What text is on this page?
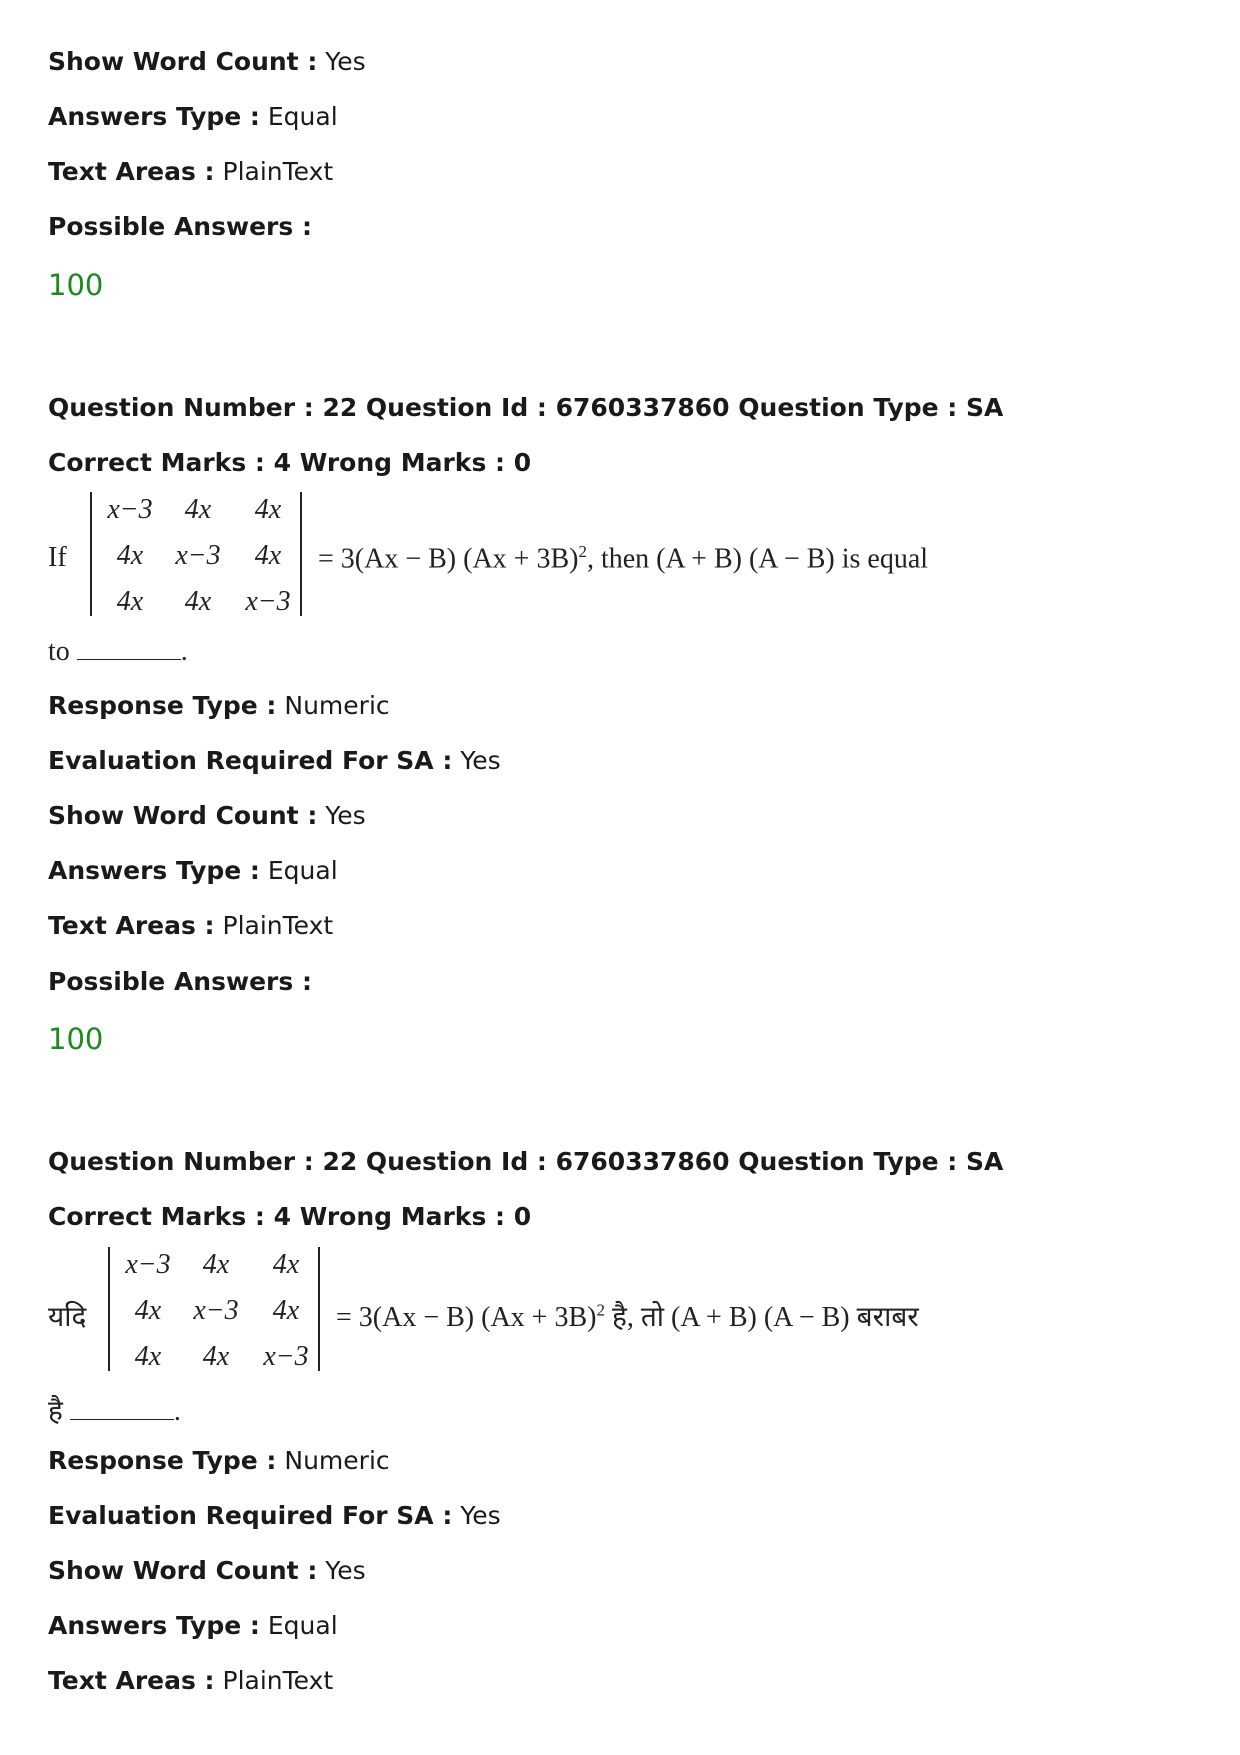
Show Word Count : Yes
Answers Type : Equal
Text Areas : PlainText
Possible Answers :
100
Question Number : 22 Question Id : 6760337860 Question Type : SA
Correct Marks : 4 Wrong Marks : 0
If
x−3	4x	4x
4x	x−3	4x
4x	4x	x−3
= 3(Ax − B) $(Ax + 3B)^2$, then (A + B) (A − B) is equal
to	.
Response Type : Numeric
Evaluation Required For SA : Yes
Show Word Count : Yes
Answers Type : Equal
Text Areas : PlainText
Possible Answers :
100
Question Number : 22 Question Id : 6760337860 Question Type : SA
Correct Marks : 4 Wrong Marks : 0
यदि
x−3	4x	4x
4x	x−3	4x
4x	4x	x−3
= 3(Ax − B) $(Ax + 3B)^2$ है, तो (A + B) (A − B) बराबर
है	.
Response Type : Numeric
Evaluation Required For SA : Yes
Show Word Count : Yes
Answers Type : Equal
Text Areas : PlainText
